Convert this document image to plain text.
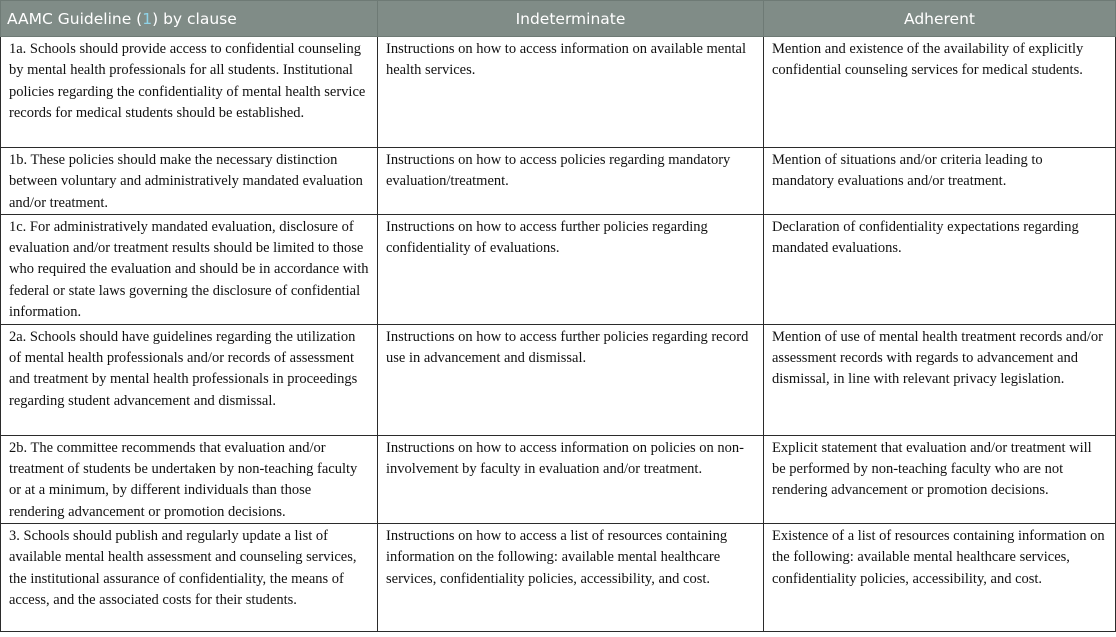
AAMC Guideline (1) by clause	Indeterminate	Adherent
1a. Schools should provide access to confidential counseling by mental health professionals for all students. Institutional policies regarding the confidentiality of mental health service records for medical students should be established.	Instructions on how to access information on available mental health services.	Mention and existence of the availability of explicitly confidential counseling services for medical students.
1b. These policies should make the necessary distinction between voluntary and administratively mandated evaluation and/or treatment.	Instructions on how to access policies regarding mandatory evaluation/treatment.	Mention of situations and/or criteria leading to mandatory evaluations and/or treatment.
1c. For administratively mandated evaluation, disclosure of evaluation and/or treatment results should be limited to those who required the evaluation and should be in accordance with federal or state laws governing the disclosure of confidential information.	Instructions on how to access further policies regarding confidentiality of evaluations.	Declaration of confidentiality expectations regarding mandated evaluations.
2a. Schools should have guidelines regarding the utilization of mental health professionals and/or records of assessment and treatment by mental health professionals in proceedings regarding student advancement and dismissal.	Instructions on how to access further policies regarding record use in advancement and dismissal.	Mention of use of mental health treatment records and/or assessment records with regards to advancement and dismissal, in line with relevant privacy legislation.
2b. The committee recommends that evaluation and/or treatment of students be undertaken by non-teaching faculty or at a minimum, by different individuals than those rendering advancement or promotion decisions.	Instructions on how to access information on policies on non-involvement by faculty in evaluation and/or treatment.	Explicit statement that evaluation and/or treatment will be performed by non-teaching faculty who are not rendering advancement or promotion decisions.
3. Schools should publish and regularly update a list of available mental health assessment and counseling services, the institutional assurance of confidentiality, the means of access, and the associated costs for their students.	Instructions on how to access a list of resources containing information on the following: available mental healthcare services, confidentiality policies, accessibility, and cost.	Existence of a list of resources containing information on the following: available mental healthcare services, confidentiality policies, accessibility, and cost.
